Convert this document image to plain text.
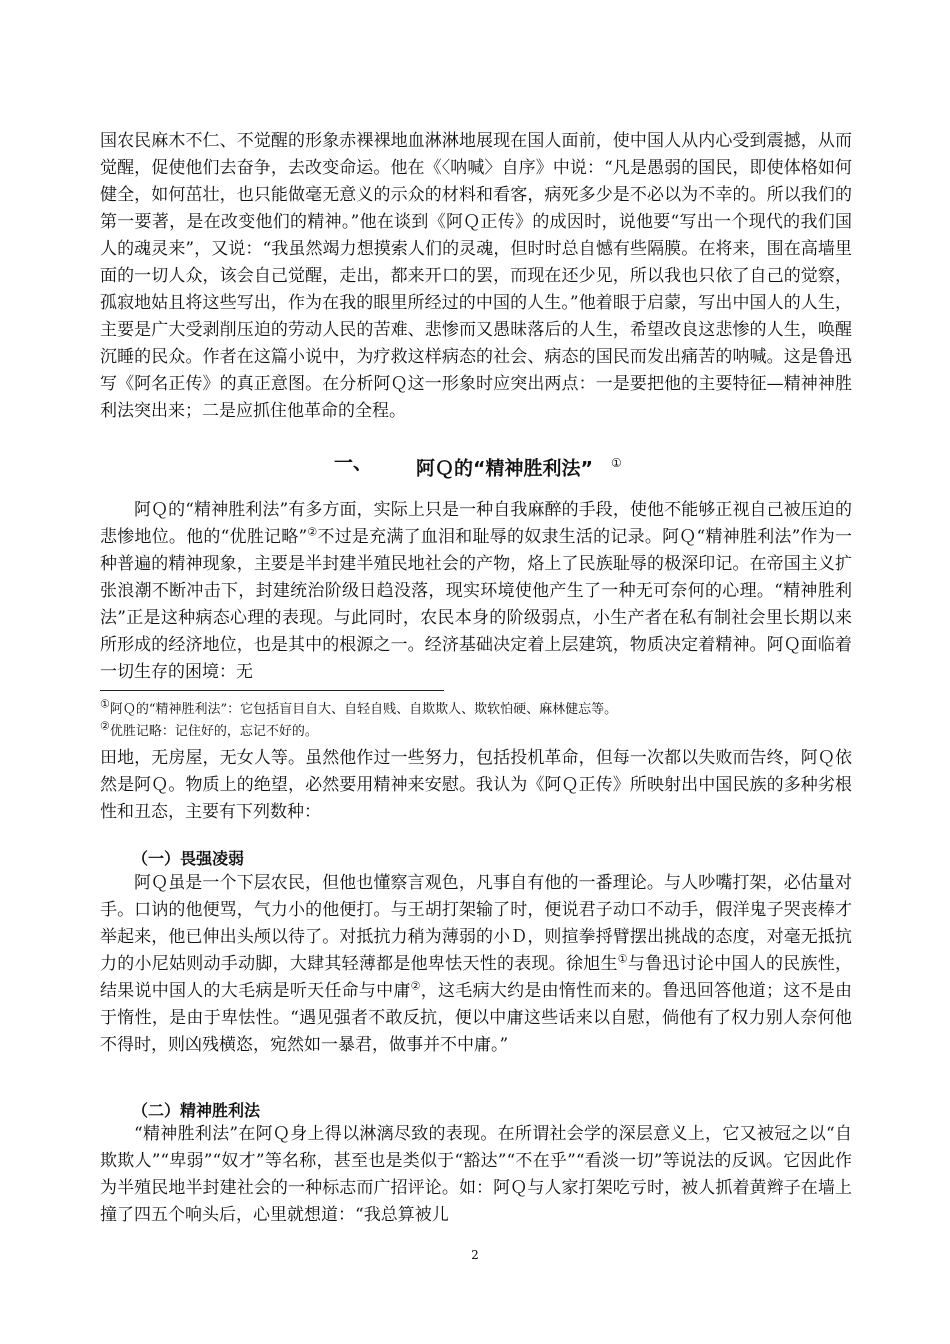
国农民麻木不仁、不觉醒的形象赤裸裸地血淋淋地展现在国人面前，使中国人从内心受到震撼，从而觉醒，促使他们去奋争，去改变命运。他在《〈呐喊〉自序》中说：“凡是愚弱的国民，即使体格如何健全，如何茁壮，也只能做毫无意义的示众的材料和看客，病死多少是不必以为不幸的。所以我们的第一要著，是在改变他们的精神。”他在谈到《阿Ｑ正传》的成因时，说他要“写出一个现代的我们国人的魂灵来”，又说：“我虽然竭力想摸索人们的灵魂，但时时总自憾有些隔膜。在将来，围在高墙里面的一切人众，该会自己觉醒，走出，都来开口的罢，而现在还少见，所以我也只依了自己的觉察，孤寂地姑且将这些写出，作为在我的眼里所经过的中国的人生。”他着眼于启蒙，写出中国人的人生，主要是广大受剥削压迫的劳动人民的苦难、悲惨而又愚昧落后的人生，希望改良这悲惨的人生，唤醒沉睡的民众。作者在这篇小说中，为疗救这样病态的社会、病态的国民而发出痛苦的呐喊。这是鲁迅写《阿名正传》的真正意图。在分析阿Ｑ这一形象时应突出两点：一是要把他的主要特征—精神神胜利法突出来；二是应抓住他革命的全程。

一、 阿Ｑ的“精神胜利法” ①

阿Ｑ的“精神胜利法”有多方面，实际上只是一种自我麻醉的手段，使他不能够正视自己被压迫的悲惨地位。他的“优胜记略”②不过是充满了血泪和耻辱的奴隶生活的记录。阿Ｑ“精神胜利法”作为一种普遍的精神现象，主要是半封建半殖民地社会的产物，烙上了民族耻辱的极深印记。在帝国主义扩张浪潮不断冲击下，封建统治阶级日趋没落，现实环境使他产生了一种无可奈何的心理。“精神胜利法”正是这种病态心理的表现。与此同时，农民本身的阶级弱点，小生产者在私有制社会里长期以来所形成的经济地位，也是其中的根源之一。经济基础决定着上层建筑，物质决定着精神。阿Ｑ面临着一切生存的困境：无

①阿Ｑ的“精神胜利法”：它包括盲目自大、自轻自贱、自欺欺人、欺软怕硬、麻林健忘等。

②优胜记略：记住好的，忘记不好的。

田地，无房屋，无女人等。虽然他作过一些努力，包括投机革命，但每一次都以失败而告终，阿Ｑ依然是阿Ｑ。物质上的绝望，必然要用精神来安慰。我认为《阿Ｑ正传》所映射出中国民族的多种劣根性和丑态，主要有下列数种：

（一）畏强凌弱

阿Ｑ虽是一个下层农民，但他也懂察言观色，凡事自有他的一番理论。与人吵嘴打架，必估量对手。口讷的他便骂，气力小的他便打。与王胡打架输了时，便说君子动口不动手，假洋鬼子哭丧棒才举起来，他已伸出头颅以待了。对抵抗力稍为薄弱的小Ｄ，则揎拳捋臂摆出挑战的态度，对毫无抵抗力的小尼姑则动手动脚，大肆其轻薄都是他卑怯天性的表现。徐旭生①与鲁迅讨论中国人的民族性，结果说中国人的大毛病是听天任命与中庸②，这毛病大约是由惰性而来的。鲁迅回答他道；这不是由于惰性，是由于卑怯性。“遇见强者不敢反抗，便以中庸这些话来以自慰，倘他有了权力别人奈何他不得时，则凶残横恣，宛然如一暴君，做事并不中庸。”

（二）精神胜利法

“精神胜利法”在阿Ｑ身上得以淋漓尽致的表现。在所谓社会学的深层意义上，它又被冠之以“自欺欺人”“卑弱”“奴才”等名称，甚至也是类似于“豁达”“不在乎”“看淡一切”等说法的反讽。它因此作为半殖民地半封建社会的一种标志而广招评论。如：阿Ｑ与人家打架吃亏时，被人抓着黄辫子在墙上撞了四五个响头后，心里就想道：“我总算被儿

2
